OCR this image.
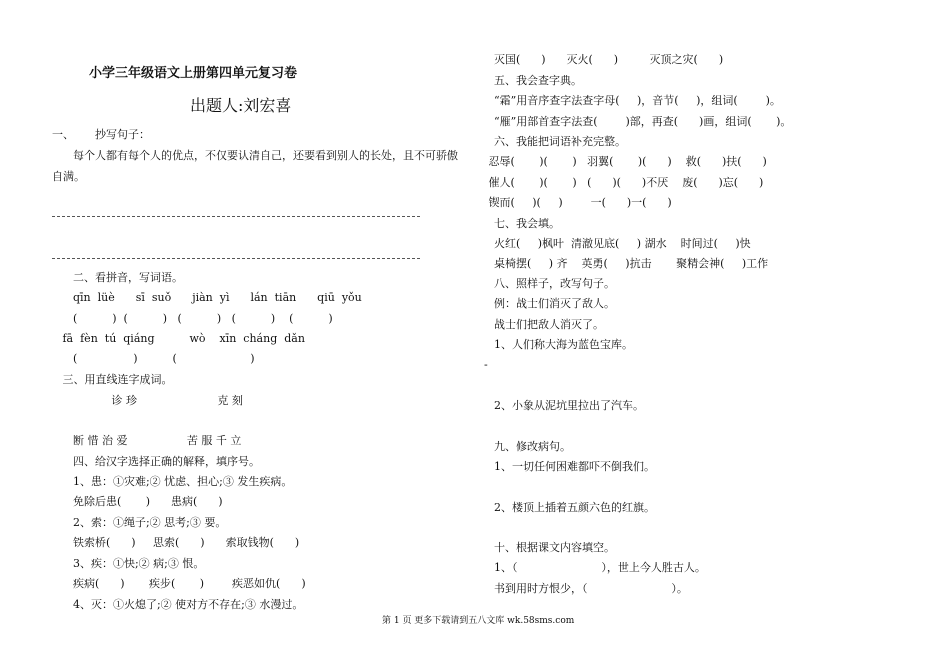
小学三年级语文上册第四单元复习卷
出题人:刘宏喜
一、      抄写句子：
每个人都有每个人的优点，不仅要认清自己，还要看到别人的长处，且不可骄傲
自满。
二、看拼音，写词语。
qīn  lüè      sī  suǒ      jiàn  yì      lán  tiān      qiū  yǒu
(          )  (          )   (          )   (          )    (          )
fā  fèn  tú  qiáng          wò    xīn  cháng  dǎn
(                )          (                     )
三、用直线连字成词。
诊 珍                       克 刻
断 惜 治 爱                 苦 服 千 立
四、给汉字选择正确的解释，填序号。
1、患：①灾难;② 忧虑、担心;③ 发生疾病。
免除后患(       )      患病(      )
2、索：①绳子;② 思考;③ 要。
铁索桥(      )     思索(      )      索取钱物(      )
3、疾：①快;② 病;③ 恨。
疾病(      )       疾步(       )        疾恶如仇(      )
4、灭：①火熄了;② 使对方不存在;③ 水漫过。
灭国(      )      灭火(      )         灭顶之灾(      )
五、我会查字典。
“霜”用音序查字法查字母(     )，音节(     )，组词(        )。
“雁”用部首查字法查(        )部，再查(      )画，组词(       )。
六、我能把词语补充完整。
忍辱(       )(       )   羽翼(       )(      )    救(      )扶(      )
催人(       )(       )   (      )(      )不厌    废(      )忘(      )
锲而(     )(     )        一(      )一(      )
七、我会填。
火红(     )枫叶  清澈见底(     ) 湖水    时间过(     )快
桌椅摆(     ) 齐    英勇(     )抗击       聚精会神(     )工作
八、照样子，改写句子。
例：战士们消灭了敌人。
战士们把敌人消灭了。
1、人们称大海为蓝色宝库。
-
2、小象从泥坑里拉出了汽车。
九、修改病句。
1、一切任何困难都吓不倒我们。
2、楼顶上插着五颜六色的红旗。
十、根据课文内容填空。
1、（                        ），世上今人胜古人。
书到用时方恨少，（                        ）。
第 1 页 更多下载请到五八文库 wk.58sms.com
